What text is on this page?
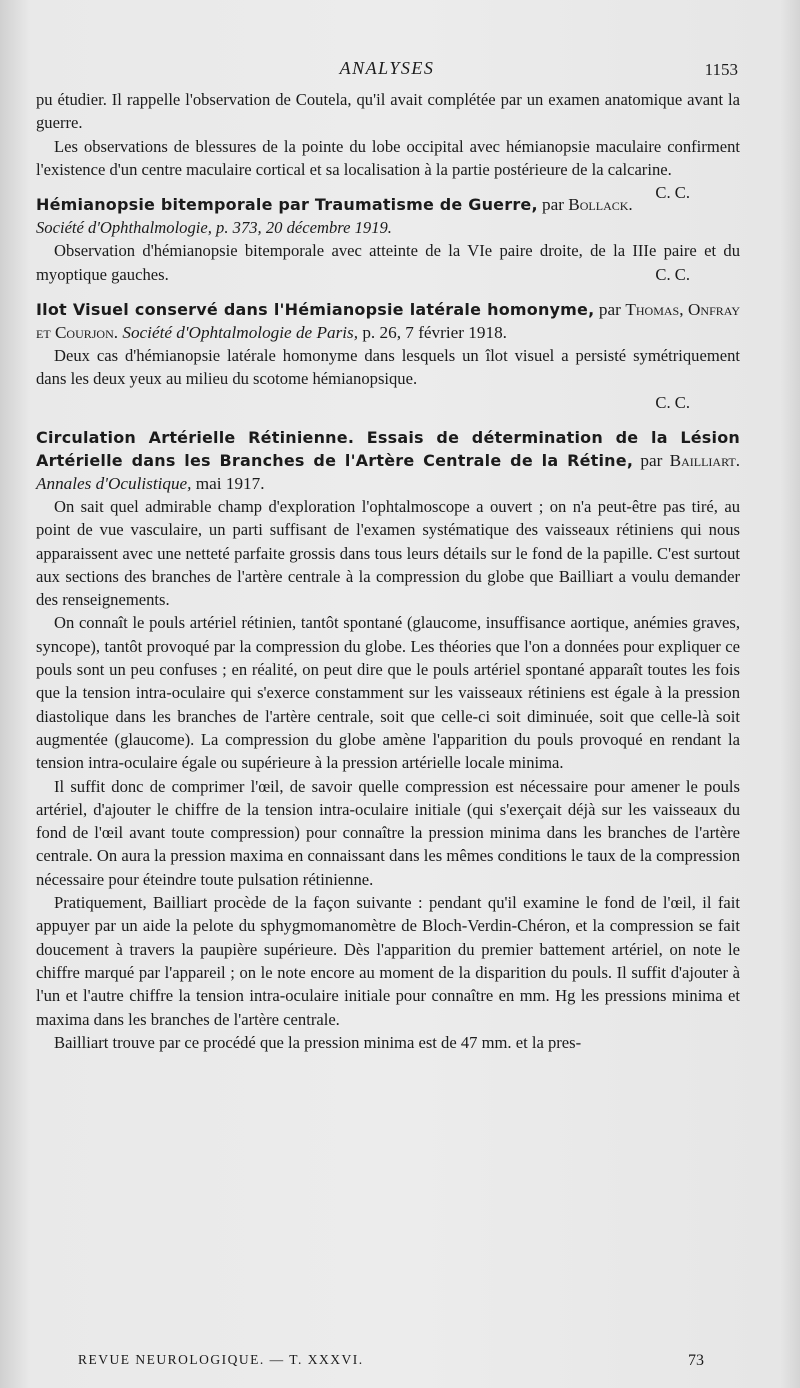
ANALYSES	1153

pu étudier. Il rappelle l'observation de Coutela, qu'il avait complétée par un examen anatomique avant la guerre.

Les observations de blessures de la pointe du lobe occipital avec hémianopsie maculaire confirment l'existence d'un centre maculaire cortical et sa localisation à la partie postérieure de la calcarine.
C. C.

Hémianopsie bitemporale par Traumatisme de Guerre, par Bollack.

Société d'Ophthalmologie, p. 373, 20 décembre 1919.

Observation d'hémianopsie bitemporale avec atteinte de la VIe paire droite, de la IIIe paire et du myoptique gauches.	C. C.

Ilot Visuel conservé dans l'Hémianopsie latérale homonyme, par Thomas, Onfray et Courjon. Société d'Ophtalmologie de Paris, p. 26, 7 février 1918.

Deux cas d'hémianopsie latérale homonyme dans lesquels un îlot visuel a persisté symétriquement dans les deux yeux au milieu du scotome hémianopsique.

C. C.

Circulation Artérielle Rétinienne. Essais de détermination de la Lésion Artérielle dans les Branches de l'Artère Centrale de la Rétine, par Bailliart. Annales d'Oculistique, mai 1917.

On sait quel admirable champ d'exploration l'ophtalmoscope a ouvert ; on n'a peut-être pas tiré, au point de vue vasculaire, un parti suffisant de l'examen systématique des vaisseaux rétiniens qui nous apparaissent avec une netteté parfaite grossis dans tous leurs détails sur le fond de la papille. C'est surtout aux sections des branches de l'artère centrale à la compression du globe que Bailliart a voulu demander des renseignements.

On connaît le pouls artériel rétinien, tantôt spontané (glaucome, insuffisance aortique, anémies graves, syncope), tantôt provoqué par la compression du globe. Les théories que l'on a données pour expliquer ce pouls sont un peu confuses ; en réalité, on peut dire que le pouls artériel spontané apparaît toutes les fois que la tension intra-oculaire qui s'exerce constamment sur les vaisseaux rétiniens est égale à la pression diastolique dans les branches de l'artère centrale, soit que celle-ci soit diminuée, soit que celle-là soit augmentée (glaucome). La compression du globe amène l'apparition du pouls provoqué en rendant la tension intra-oculaire égale ou supérieure à la pression artérielle locale minima.

Il suffit donc de comprimer l'œil, de savoir quelle compression est nécessaire pour amener le pouls artériel, d'ajouter le chiffre de la tension intra-oculaire initiale (qui s'exerçait déjà sur les vaisseaux du fond de l'œil avant toute compression) pour connaître la pression minima dans les branches de l'artère centrale. On aura la pression maxima en connaissant dans les mêmes conditions le taux de la compression nécessaire pour éteindre toute pulsation rétinienne.

Pratiquement, Bailliart procède de la façon suivante : pendant qu'il examine le fond de l'œil, il fait appuyer par un aide la pelote du sphygmomanomètre de Bloch-Verdin-Chéron, et la compression se fait doucement à travers la paupière supérieure. Dès l'apparition du premier battement artériel, on note le chiffre marqué par l'appareil ; on le note encore au moment de la disparition du pouls. Il suffit d'ajouter à l'un et l'autre chiffre la tension intra-oculaire initiale pour connaître en mm. Hg les pressions minima et maxima dans les branches de l'artère centrale.

Bailliart trouve par ce procédé que la pression minima est de 47 mm. et la pres-

REVUE NEUROLOGIQUE. — T. XXXVI.	73
